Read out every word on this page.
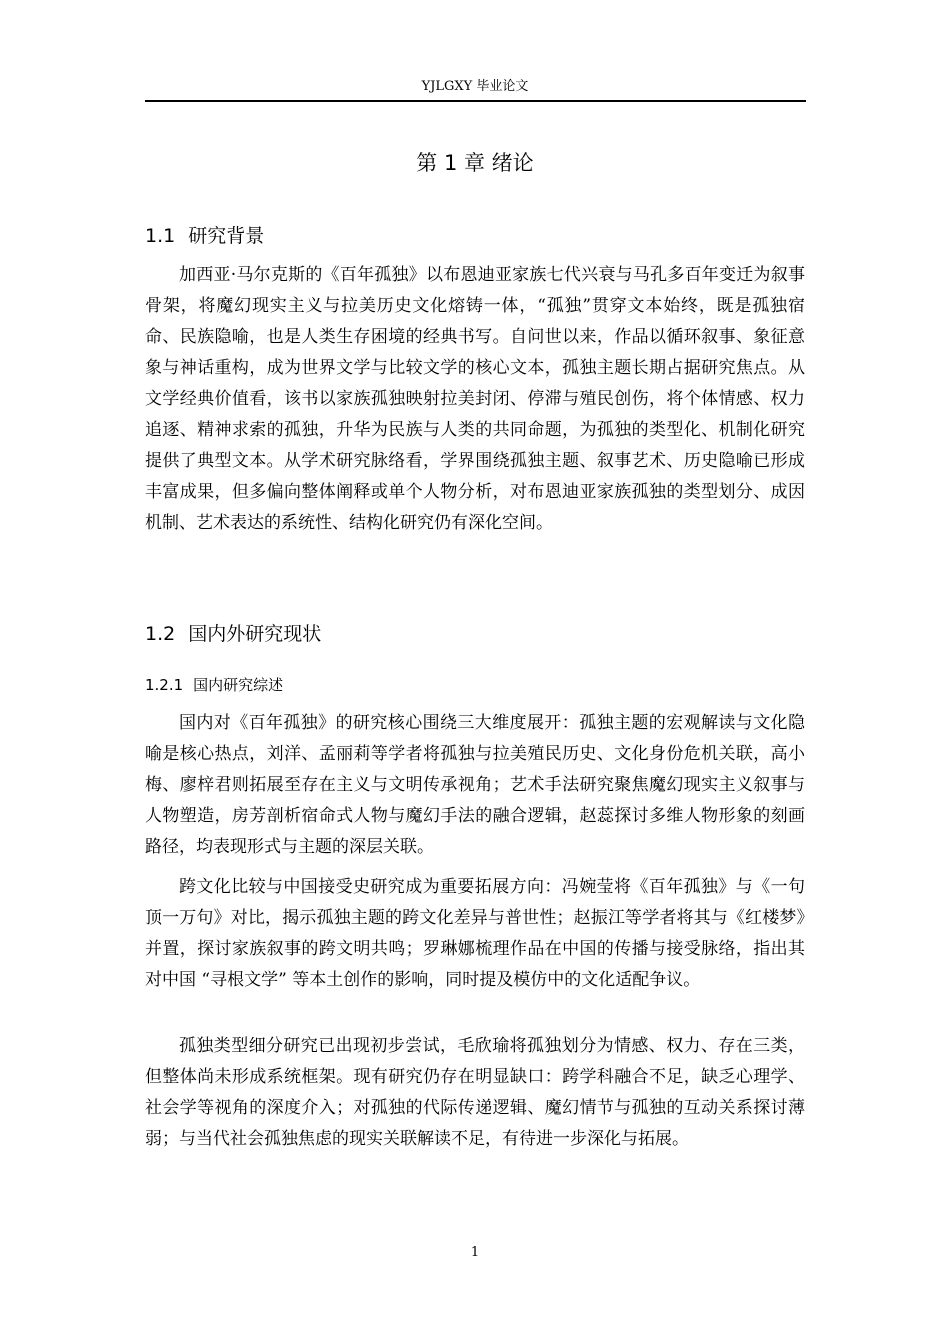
YJLGXY 毕业论文
第 1 章 绪论
1.1 研究背景

加西亚·马尔克斯的《百年孤独》以布恩迪亚家族七代兴衰与马孔多百年变迁为叙事骨架，将魔幻现实主义与拉美历史文化熔铸一体，“孤独”贯穿文本始终，既是孤独宿命、民族隐喻，也是人类生存困境的经典书写。自问世以来，作品以循环叙事、象征意象与神话重构，成为世界文学与比较文学的核心文本，孤独主题长期占据研究焦点。从文学经典价值看，该书以家族孤独映射拉美封闭、停滞与殖民创伤，将个体情感、权力追逐、精神求索的孤独，升华为民族与人类的共同命题，为孤独的类型化、机制化研究提供了典型文本。从学术研究脉络看，学界围绕孤独主题、叙事艺术、历史隐喻已形成丰富成果，但多偏向整体阐释或单个人物分析，对布恩迪亚家族孤独的类型划分、成因机制、艺术表达的系统性、结构化研究仍有深化空间。

1.2 国内外研究现状
1.2.1 国内研究综述

国内对《百年孤独》的研究核心围绕三大维度展开：孤独主题的宏观解读与文化隐喻是核心热点，刘洋、孟丽莉等学者将孤独与拉美殖民历史、文化身份危机关联，高小梅、廖梓君则拓展至存在主义与文明传承视角；艺术手法研究聚焦魔幻现实主义叙事与人物塑造，房芳剖析宿命式人物与魔幻手法的融合逻辑，赵蕊探讨多维人物形象的刻画路径，均表现形式与主题的深层关联。

跨文化比较与中国接受史研究成为重要拓展方向：冯婉莹将《百年孤独》与《一句顶一万句》对比，揭示孤独主题的跨文化差异与普世性；赵振江等学者将其与《红楼梦》并置，探讨家族叙事的跨文明共鸣；罗琳娜梳理作品在中国的传播与接受脉络，指出其对中国 “寻根文学” 等本土创作的影响，同时提及模仿中的文化适配争议。

孤独类型细分研究已出现初步尝试，毛欣瑜将孤独划分为情感、权力、存在三类，但整体尚未形成系统框架。现有研究仍存在明显缺口：跨学科融合不足，缺乏心理学、社会学等视角的深度介入；对孤独的代际传递逻辑、魔幻情节与孤独的互动关系探讨薄弱；与当代社会孤独焦虑的现实关联解读不足，有待进一步深化与拓展。

1
